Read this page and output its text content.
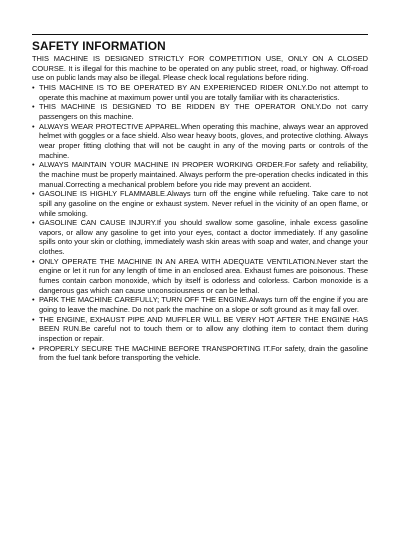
SAFETY INFORMATION

THIS MACHINE IS DESIGNED STRICTLY FOR COMPETITION USE, ONLY ON A CLOSED COURSE. It is illegal for this machine to be operated on any public street, road, or highway. Off-road use on public lands may also be illegal. Please check local regulations before riding.

• THIS MACHINE IS TO BE OPERATED BY AN EXPERIENCED RIDER ONLY.Do not attempt to operate this machine at maximum power until you are totally familiar with its characteristics.
• THIS MACHINE IS DESIGNED TO BE RIDDEN BY THE OPERATOR ONLY.Do not carry passengers on this machine.
• ALWAYS WEAR PROTECTIVE APPAREL.When operating this machine, always wear an approved helmet with goggles or a face shield. Also wear heavy boots, gloves, and protective clothing. Always wear proper fitting clothing that will not be caught in any of the moving parts or controls of the machine.
• ALWAYS MAINTAIN YOUR MACHINE IN PROPER WORKING ORDER.For safety and reliability, the machine must be properly maintained. Always perform the pre-operation checks indicated in this manual.Correcting a mechanical problem before you ride may prevent an accident.
• GASOLINE IS HIGHLY FLAMMABLE.Always turn off the engine while refueling. Take care to not spill any gasoline on the engine or exhaust system. Never refuel in the vicinity of an open flame, or while smoking.
• GASOLINE CAN CAUSE INJURY.If you should swallow some gasoline, inhale excess gasoline vapors, or allow any gasoline to get into your eyes, contact a doctor immediately. If any gasoline spills onto your skin or clothing, immediately wash skin areas with soap and water, and change your clothes.
• ONLY OPERATE THE MACHINE IN AN AREA WITH ADEQUATE VENTILATION.Never start the engine or let it run for any length of time in an enclosed area. Exhaust fumes are poisonous. These fumes contain carbon monoxide, which by itself is odorless and colorless. Carbon monoxide is a dangerous gas which can cause unconsciousness or can be lethal.
• PARK THE MACHINE CAREFULLY; TURN OFF THE ENGINE.Always turn off the engine if you are going to leave the machine. Do not park the machine on a slope or soft ground as it may fall over.
• THE ENGINE, EXHAUST PIPE AND MUFFLER WILL BE VERY HOT AFTER THE ENGINE HAS BEEN RUN.Be careful not to touch them or to allow any clothing item to contact them during inspection or repair.
• PROPERLY SECURE THE MACHINE BEFORE TRANSPORTING IT.For safety, drain the gasoline from the fuel tank before transporting the vehicle.
